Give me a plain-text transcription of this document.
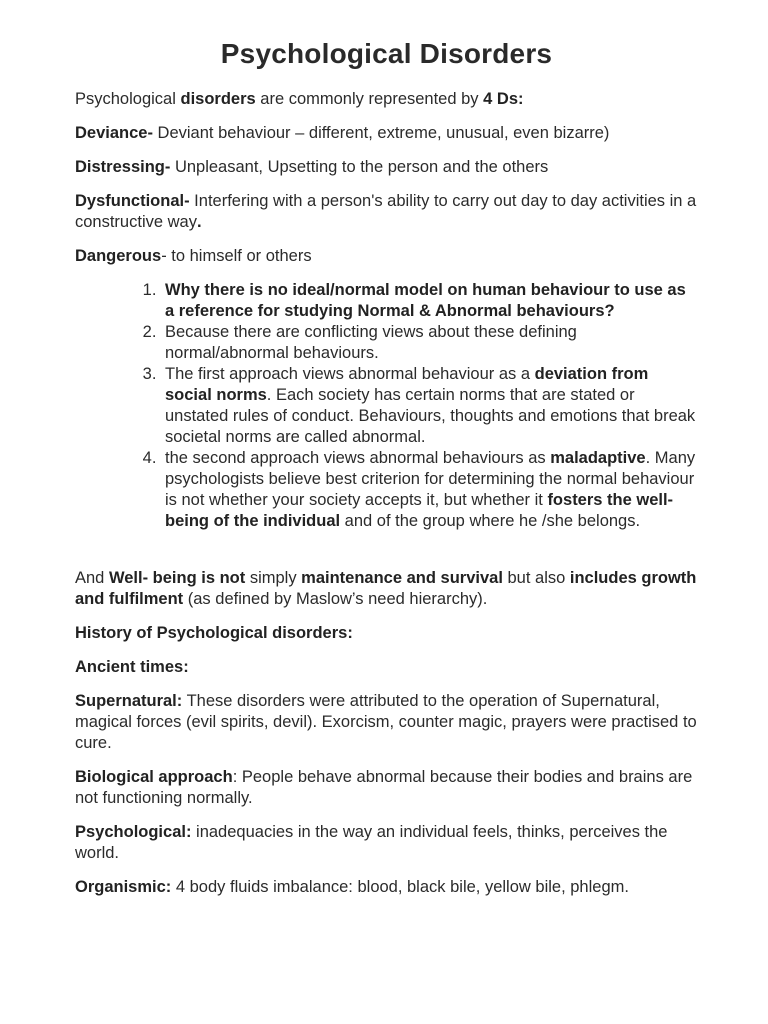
Psychological Disorders

Psychological disorders are commonly represented by 4 Ds:

Deviance- Deviant behaviour – different, extreme, unusual, even bizarre)

Distressing- Unpleasant, Upsetting to the person and the others

Dysfunctional- Interfering with a person's ability to carry out day to day activities in a constructive way.

Dangerous- to himself or others

1. Why there is no ideal/normal model on human behaviour to use as a reference for studying Normal & Abnormal behaviours?
2. Because there are conflicting views about these defining normal/abnormal behaviours.
3. The first approach views abnormal behaviour as a deviation from social norms. Each society has certain norms that are stated or unstated rules of conduct. Behaviours, thoughts and emotions that break societal norms are called abnormal.
4. the second approach views abnormal behaviours as maladaptive. Many psychologists believe best criterion for determining the normal behaviour is not whether your society accepts it, but whether it fosters the well-being of the individual and of the group where he /she belongs.

And Well- being is not simply maintenance and survival but also includes growth and fulfilment (as defined by Maslow’s need hierarchy).

History of Psychological disorders:

Ancient times:

Supernatural: These disorders were attributed to the operation of Supernatural, magical forces (evil spirits, devil). Exorcism, counter magic, prayers were practised to cure.

Biological approach: People behave abnormal because their bodies and brains are not functioning normally.

Psychological: inadequacies in the way an individual feels, thinks, perceives the world.

Organismic: 4 body fluids imbalance: blood, black bile, yellow bile, phlegm.
